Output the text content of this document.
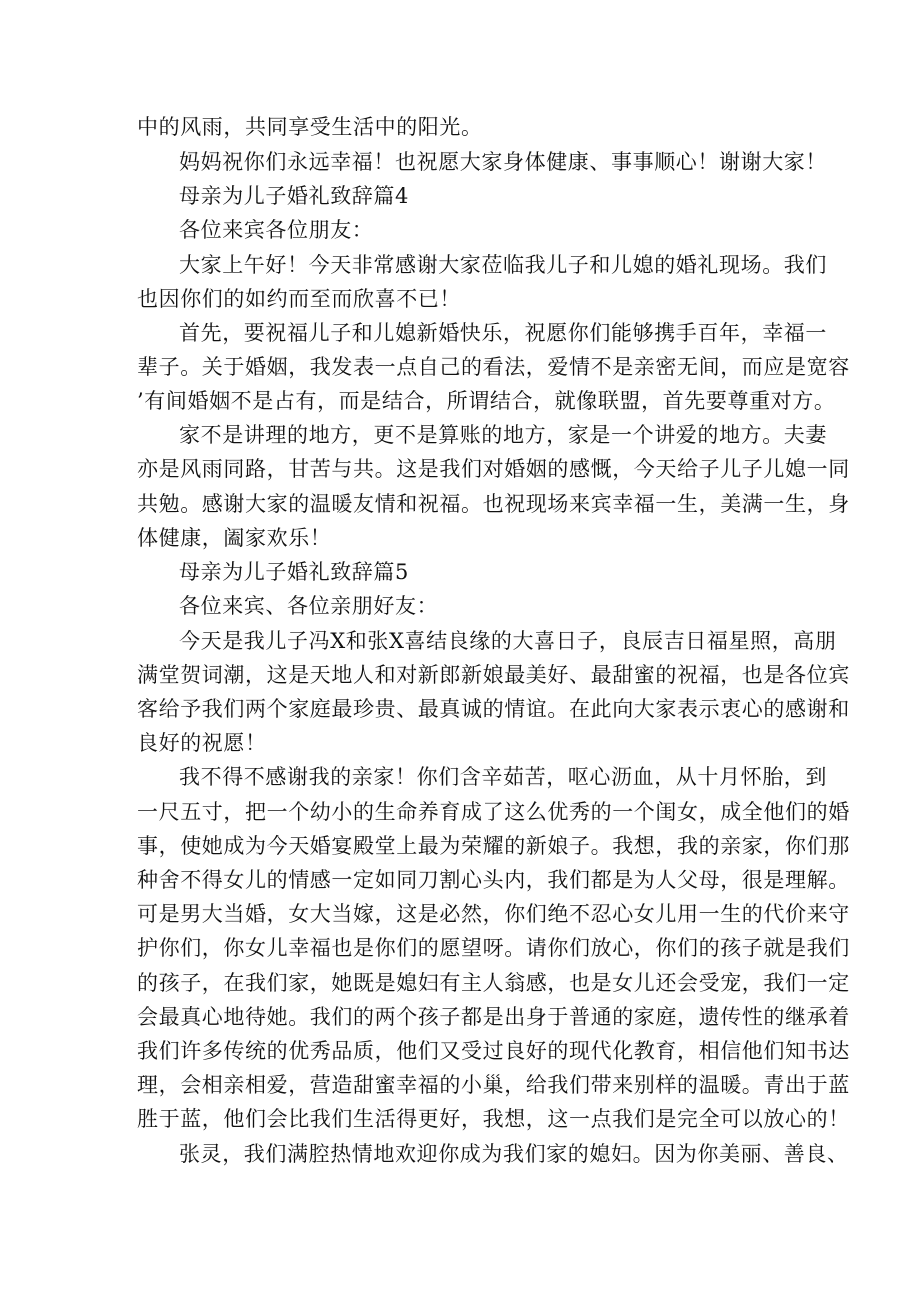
中的风雨，共同享受生活中的阳光。
妈妈祝你们永远幸福！也祝愿大家身体健康、事事顺心！谢谢大家！
母亲为儿子婚礼致辞篇4
各位来宾各位朋友：
大家上午好！今天非常感谢大家莅临我儿子和儿媳的婚礼现场。我们
也因你们的如约而至而欣喜不已！
首先，要祝福儿子和儿媳新婚快乐，祝愿你们能够携手百年，幸福一
辈子。关于婚姻，我发表一点自己的看法，爱情不是亲密无间，而应是宽容
’有间婚姻不是占有，而是结合，所谓结合，就像联盟，首先要尊重对方。
家不是讲理的地方，更不是算账的地方，家是一个讲爱的地方。夫妻
亦是风雨同路，甘苦与共。这是我们对婚姻的感慨，今天给子儿子儿媳一同
共勉。感谢大家的温暖友情和祝福。也祝现场来宾幸福一生，美满一生，身
体健康，阖家欢乐！
母亲为儿子婚礼致辞篇5
各位来宾、各位亲朋好友：
今天是我儿子冯X和张X喜结良缘的大喜日子，良辰吉日福星照，高朋
满堂贺词潮，这是天地人和对新郎新娘最美好、最甜蜜的祝福，也是各位宾
客给予我们两个家庭最珍贵、最真诚的情谊。在此向大家表示衷心的感谢和
良好的祝愿！
我不得不感谢我的亲家！你们含辛茹苦，呕心沥血，从十月怀胎，到
一尺五寸，把一个幼小的生命养育成了这么优秀的一个闺女，成全他们的婚
事，使她成为今天婚宴殿堂上最为荣耀的新娘子。我想，我的亲家，你们那
种舍不得女儿的情感一定如同刀割心头内，我们都是为人父母，很是理解。
可是男大当婚，女大当嫁，这是必然，你们绝不忍心女儿用一生的代价来守
护你们，你女儿幸福也是你们的愿望呀。请你们放心，你们的孩子就是我们
的孩子，在我们家，她既是媳妇有主人翁感，也是女儿还会受宠，我们一定
会最真心地待她。我们的两个孩子都是出身于普通的家庭，遗传性的继承着
我们许多传统的优秀品质，他们又受过良好的现代化教育，相信他们知书达
理，会相亲相爱，营造甜蜜幸福的小巢，给我们带来别样的温暖。青出于蓝
胜于蓝，他们会比我们生活得更好，我想，这一点我们是完全可以放心的！
张灵，我们满腔热情地欢迎你成为我们家的媳妇。因为你美丽、善良、
